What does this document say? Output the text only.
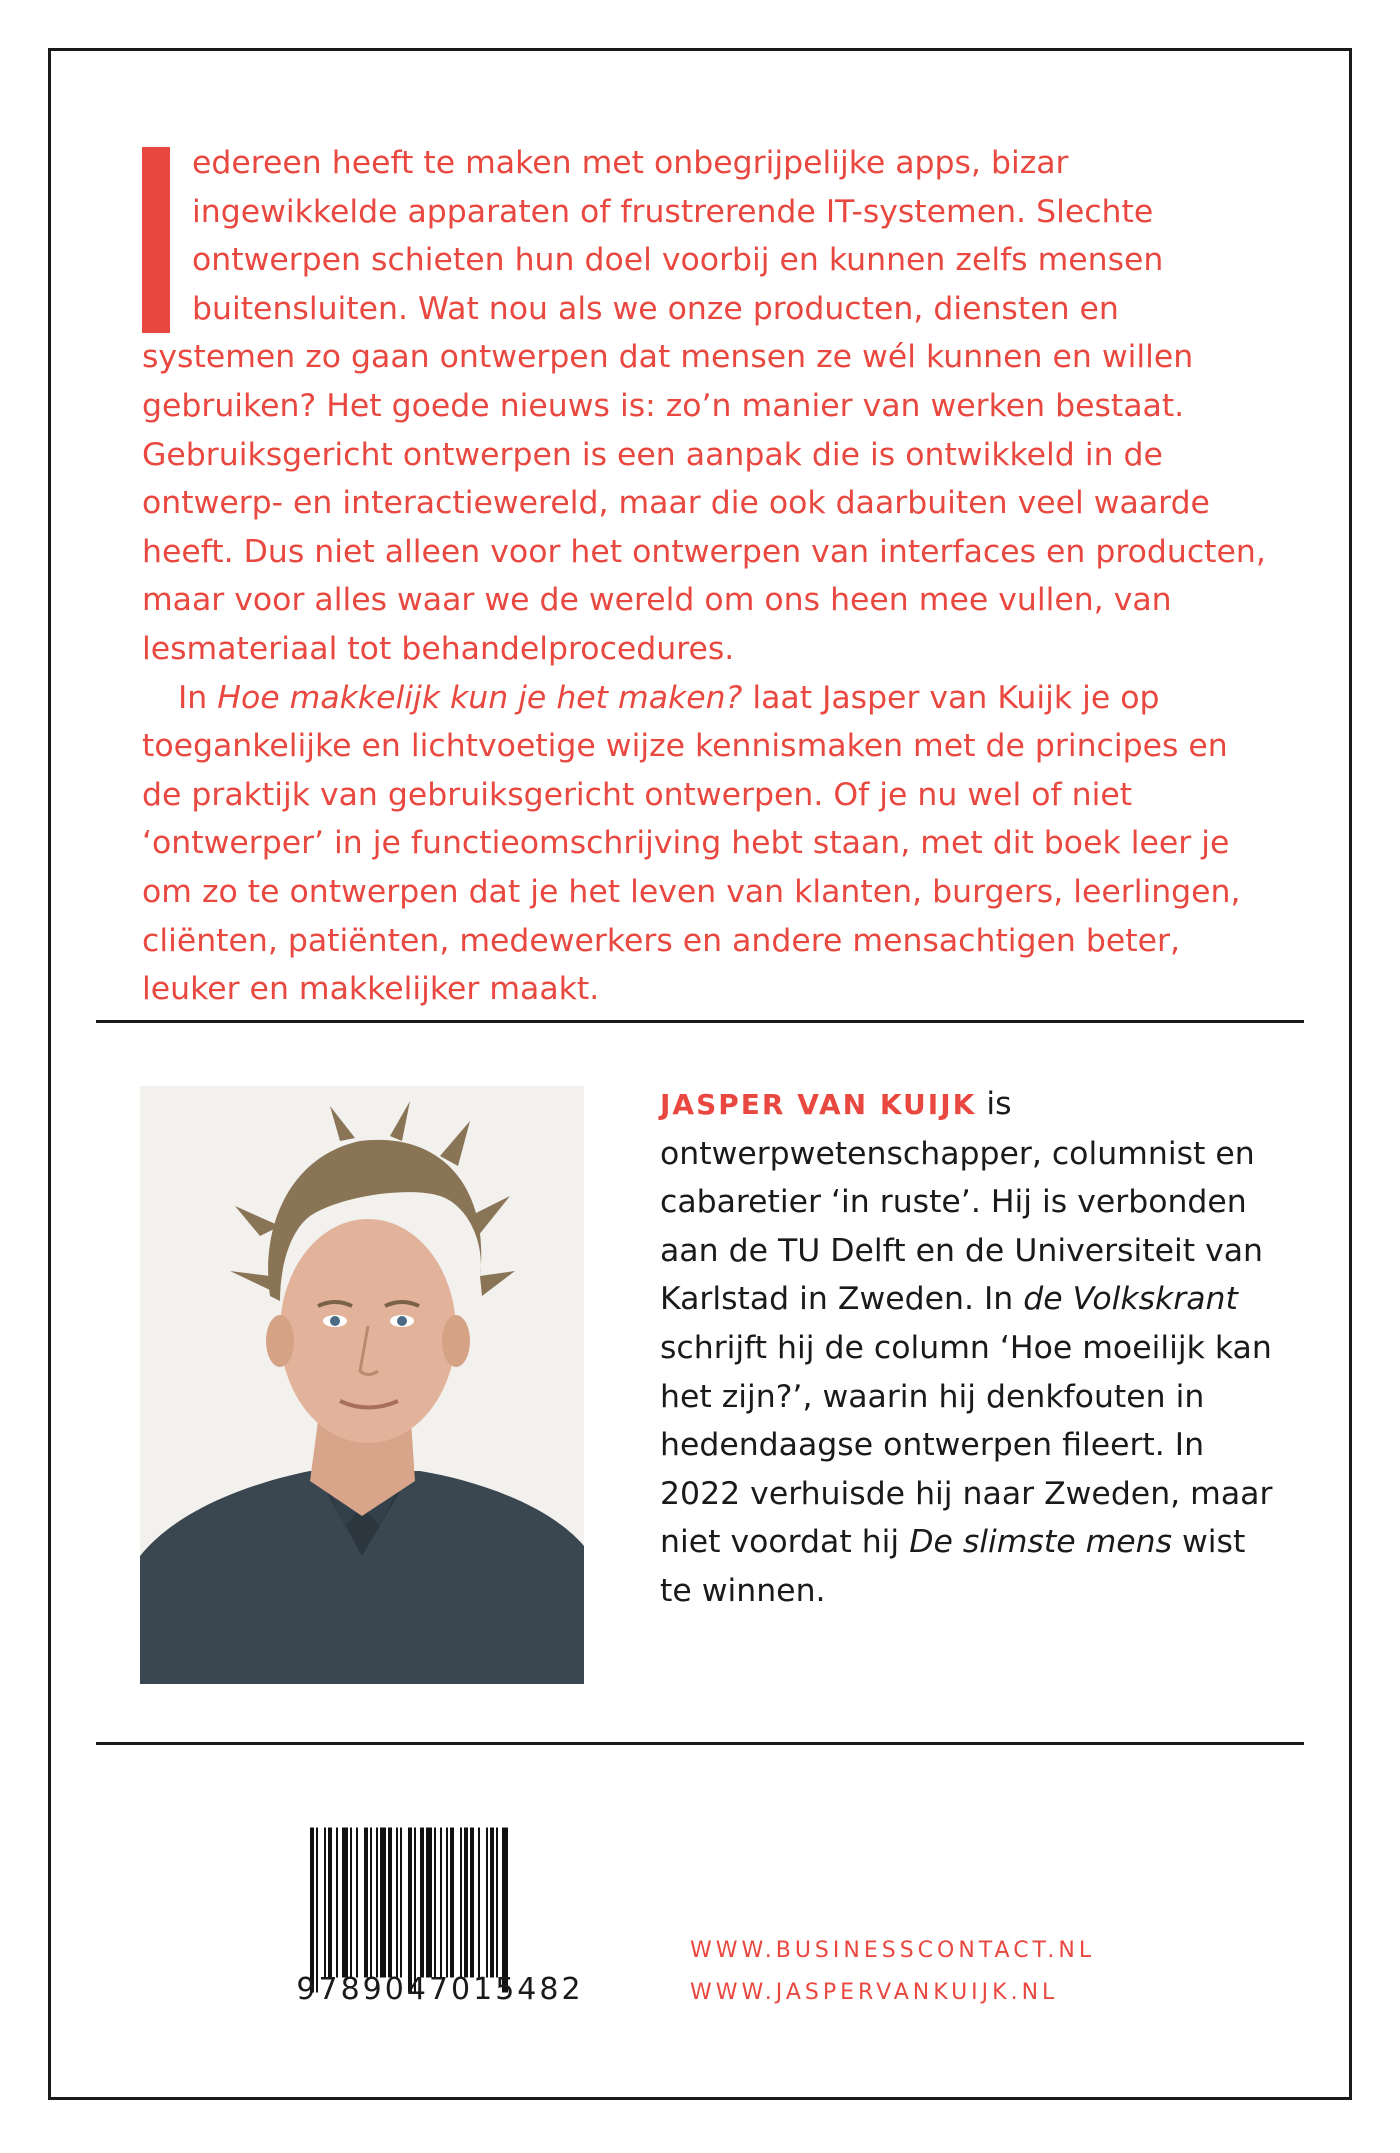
edereen heeft te maken met onbegrijpelijke apps, bizar ingewikkelde apparaten of frustrerende IT-systemen. Slechte ontwerpen schieten hun doel voorbij en kunnen zelfs mensen buitensluiten. Wat nou als we onze producten, diensten en systemen zo gaan ontwerpen dat mensen ze wél kunnen en willen gebruiken? Het goede nieuws is: zo’n manier van werken bestaat. Gebruiksgericht ontwerpen is een aanpak die is ontwikkeld in de ontwerp- en interactiewereld, maar die ook daarbuiten veel waarde heeft. Dus niet alleen voor het ontwerpen van interfaces en producten, maar voor alles waar we de wereld om ons heen mee vullen, van lesmateriaal tot behandelprocedures.

In Hoe makkelijk kun je het maken? laat Jasper van Kuijk je op toegankelijke en lichtvoetige wijze kennismaken met de principes en de praktijk van gebruiksgericht ontwerpen. Of je nu wel of niet ‘ontwerper’ in je functieomschrijving hebt staan, met dit boek leer je om zo te ontwerpen dat je het leven van klanten, burgers, leerlingen, cliënten, patiënten, medewerkers en andere mensachtigen beter, leuker en makkelijker maakt.

JASPER VAN KUIJK is ontwerpwetenschapper, columnist en cabaretier ‘in ruste’. Hij is verbonden aan de TU Delft en de Universiteit van Karlstad in Zweden. In de Volkskrant schrijft hij de column ‘Hoe moeilijk kan het zijn?’, waarin hij denkfouten in hedendaagse ontwerpen fileert. In 2022 verhuisde hij naar Zweden, maar niet voordat hij De slimste mens wist te winnen.

9789047015482
WWW.BUSINESSCONTACT.NL
WWW.JASPERVANKUIJK.NL
